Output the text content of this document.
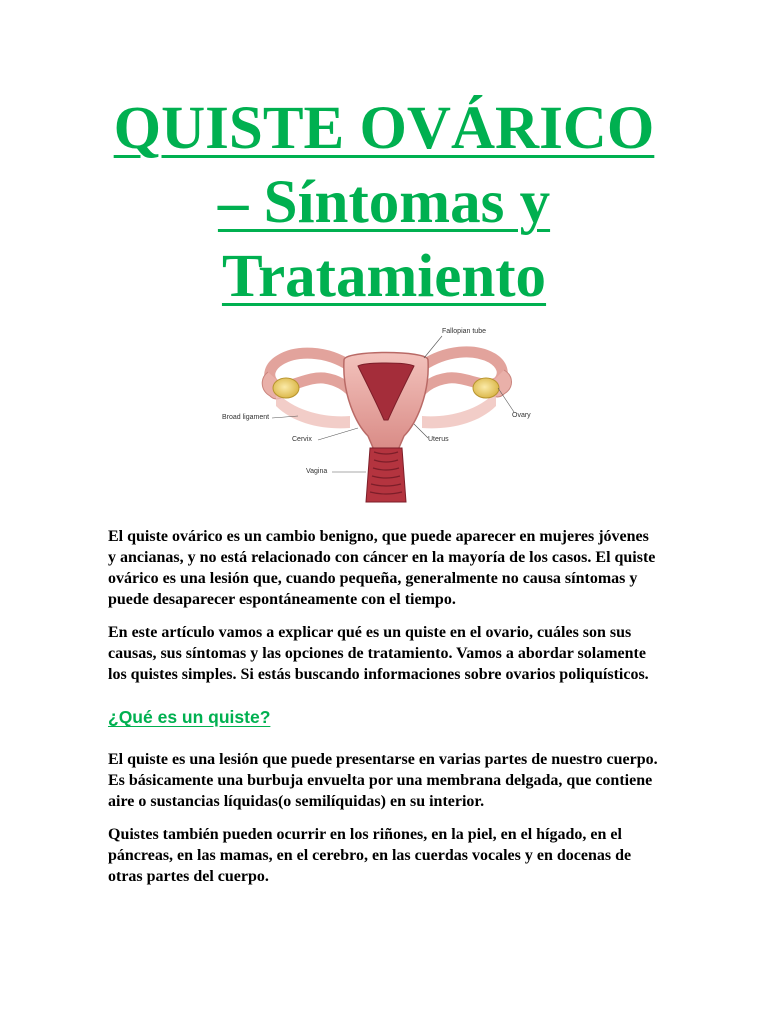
QUISTE OVÁRICO
– Síntomas y
Tratamiento
Fallopian tube
Broad ligament	Ovary
Cervix	Uterus
Vagina

El quiste ovárico es un cambio benigno, que puede aparecer en mujeres jóvenes y ancianas, y no está relacionado con cáncer en la mayoría de los casos. El quiste ovárico es una lesión que, cuando pequeña, generalmente no causa síntomas y puede desaparecer espontáneamente con el tiempo.

En este artículo vamos a explicar qué es un quiste en el ovario, cuáles son sus causas, sus síntomas y las opciones de tratamiento. Vamos a abordar solamente los quistes simples. Si estás buscando informaciones sobre ovarios poliquísticos.

¿Qué es un quiste?

El quiste es una lesión que puede presentarse en varias partes de nuestro cuerpo. Es básicamente una burbuja envuelta por una membrana delgada, que contiene aire o sustancias líquidas(o semilíquidas) en su interior.

Quistes también pueden ocurrir en los riñones, en la piel, en el hígado, en el páncreas, en las mamas, en el cerebro, en las cuerdas vocales y en docenas de otras partes del cuerpo.
